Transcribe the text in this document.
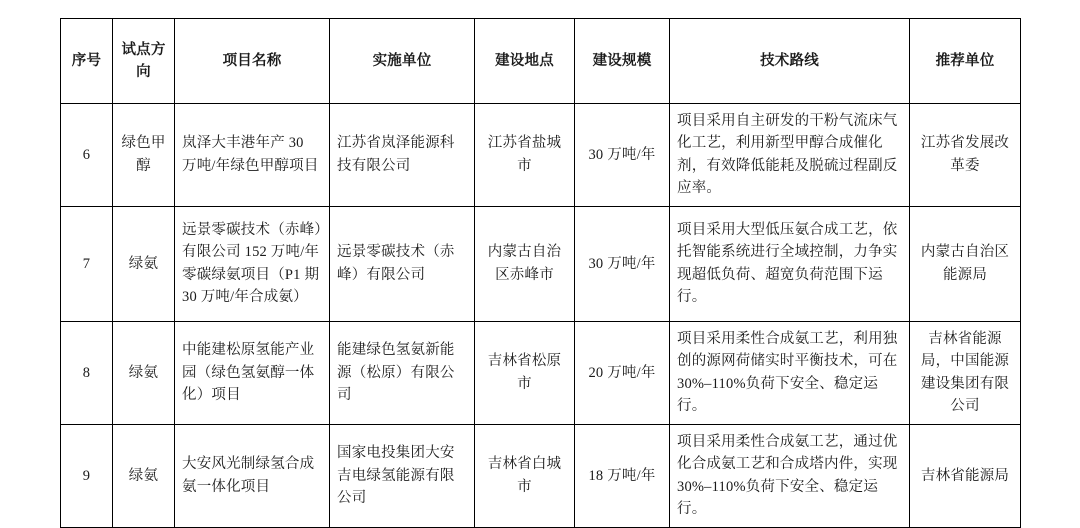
序号	试点方向	项目名称	实施单位	建设地点	建设规模	技术路线	推荐单位
6	绿色甲醇	岚泽大丰港年产 30 万吨/年绿色甲醇项目	江苏省岚泽能源科技有限公司	江苏省盐城市	30 万吨/年	项目采用自主研发的干粉气流床气化工艺，利用新型甲醇合成催化剂，有效降低能耗及脱硫过程副反应率。	江苏省发展改革委
7	绿氨	远景零碳技术（赤峰）有限公司 152 万吨/年零碳绿氨项目（P1 期 30 万吨/年合成氨）	远景零碳技术（赤峰）有限公司	内蒙古自治区赤峰市	30 万吨/年	项目采用大型低压氨合成工艺，依托智能系统进行全域控制，力争实现超低负荷、超宽负荷范围下运行。	内蒙古自治区能源局
8	绿氨	中能建松原氢能产业园（绿色氢氨醇一体化）项目	能建绿色氢氨新能源（松原）有限公司	吉林省松原市	20 万吨/年	项目采用柔性合成氨工艺，利用独创的源网荷储实时平衡技术，可在 30%–110%负荷下安全、稳定运行。	吉林省能源局，中国能源建设集团有限公司
9	绿氨	大安风光制绿氢合成氨一体化项目	国家电投集团大安吉电绿氢能源有限公司	吉林省白城市	18 万吨/年	项目采用柔性合成氨工艺，通过优化合成氨工艺和合成塔内件，实现 30%–110%负荷下安全、稳定运行。	吉林省能源局
